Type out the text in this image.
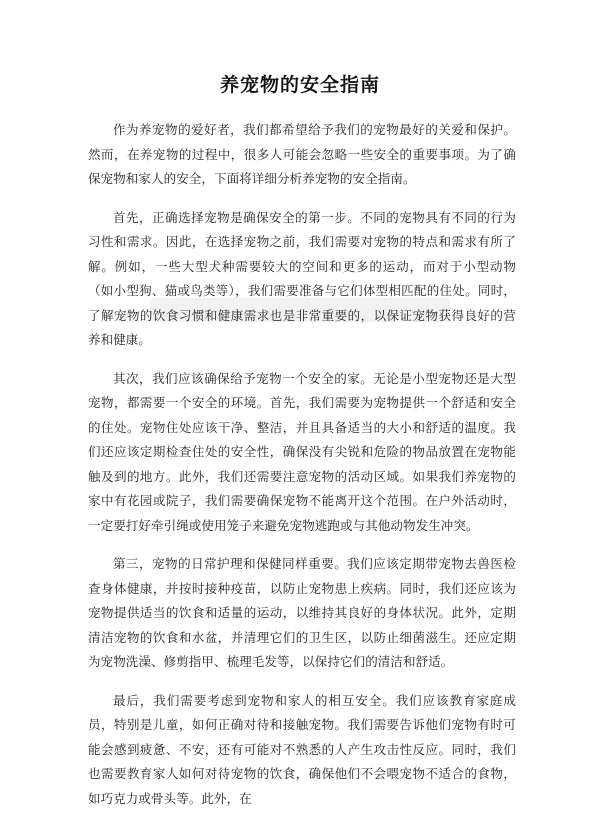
养宠物的安全指南

作为养宠物的爱好者，我们都希望给予我们的宠物最好的关爱和保护。然而，在养宠物的过程中，很多人可能会忽略一些安全的重要事项。为了确保宠物和家人的安全，下面将详细分析养宠物的安全指南。

首先，正确选择宠物是确保安全的第一步。不同的宠物具有不同的行为习性和需求。因此，在选择宠物之前，我们需要对宠物的特点和需求有所了解。例如，一些大型犬种需要较大的空间和更多的运动，而对于小型动物（如小型狗、猫或鸟类等），我们需要准备与它们体型相匹配的住处。同时，了解宠物的饮食习惯和健康需求也是非常重要的，以保证宠物获得良好的营养和健康。

其次，我们应该确保给予宠物一个安全的家。无论是小型宠物还是大型宠物，都需要一个安全的环境。首先，我们需要为宠物提供一个舒适和安全的住处。宠物住处应该干净、整洁，并且具备适当的大小和舒适的温度。我们还应该定期检查住处的安全性，确保没有尖锐和危险的物品放置在宠物能触及到的地方。此外，我们还需要注意宠物的活动区域。如果我们养宠物的家中有花园或院子，我们需要确保宠物不能离开这个范围。在户外活动时，一定要打好牵引绳或使用笼子来避免宠物逃跑或与其他动物发生冲突。

第三，宠物的日常护理和保健同样重要。我们应该定期带宠物去兽医检查身体健康，并按时接种疫苗，以防止宠物患上疾病。同时，我们还应该为宠物提供适当的饮食和适量的运动，以维持其良好的身体状况。此外，定期清洁宠物的饮食和水盆，并清理它们的卫生区，以防止细菌滋生。还应定期为宠物洗澡、修剪指甲、梳理毛发等，以保持它们的清洁和舒适。

最后，我们需要考虑到宠物和家人的相互安全。我们应该教育家庭成员，特别是儿童，如何正确对待和接触宠物。我们需要告诉他们宠物有时可能会感到疲惫、不安，还有可能对不熟悉的人产生攻击性反应。同时，我们也需要教育家人如何对待宠物的饮食，确保他们不会喂宠物不适合的食物，如巧克力或骨头等。此外，在
